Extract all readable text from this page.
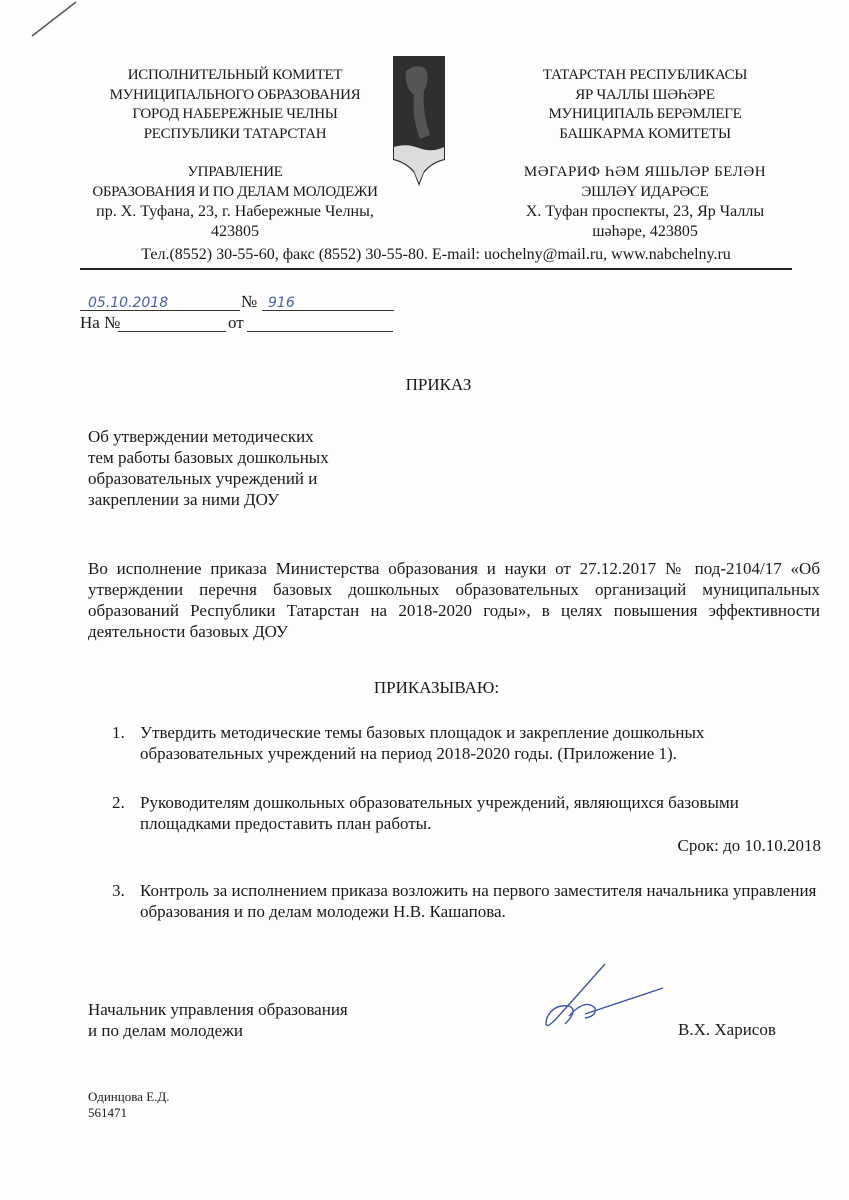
ИСПОЛНИТЕЛЬНЫЙ КОМИТЕТ
МУНИЦИПАЛЬНОГО ОБРАЗОВАНИЯ
ГОРОД НАБЕРЕЖНЫЕ ЧЕЛНЫ
РЕСПУБЛИКИ ТАТАРСТАН
УПРАВЛЕНИЕ
ОБРАЗОВАНИЯ И ПО ДЕЛАМ МОЛОДЕЖИ
пр. Х. Туфана, 23, г. Набережные Челны,
423805
ТАТАРСТАН РЕСПУБЛИКАСЫ
ЯР ЧАЛЛЫ ШӘҺӘРЕ
МУНИЦИПАЛЬ БЕРӘМЛЕГЕ
БАШКАРМА КОМИТЕТЫ
МӘГАРИФ ҺӘМ ЯШЬЛӘР БЕЛӘН
ЭШЛӘҮ ИДАРӘСЕ
Х. Туфан проспекты, 23, Яр Чаллы
шәһәре, 423805
Тел.(8552) 30-55-60, факс (8552) 30-55-80. E-mail: uochelny@mail.ru, www.nabchelny.ru
05.10.2018	№ 916
На №	от
ПРИКАЗ
Об утверждении методических
тем работы базовых дошкольных
образовательных учреждений и
закреплении за ними ДОУ

Во исполнение приказа Министерства образования и науки от 27.12.2017 № под-2104/17 «Об утверждении перечня базовых дошкольных образовательных организаций муниципальных образований Республики Татарстан на 2018-2020 годы», в целях повышения эффективности деятельности базовых ДОУ

ПРИКАЗЫВАЮ:
1. Утвердить методические темы базовых площадок и закрепление дошкольных образовательных учреждений на период 2018-2020 годы. (Приложение 1).
2. Руководителям дошкольных образовательных учреждений, являющихся базовыми площадками предоставить план работы.
Срок: до 10.10.2018
3. Контроль за исполнением приказа возложить на первого заместителя начальника управления образования и по делам молодежи Н.В. Кашапова.
Начальник управления образования
и по делам молодежи	В.Х. Харисов
Одинцова Е.Д.
561471
